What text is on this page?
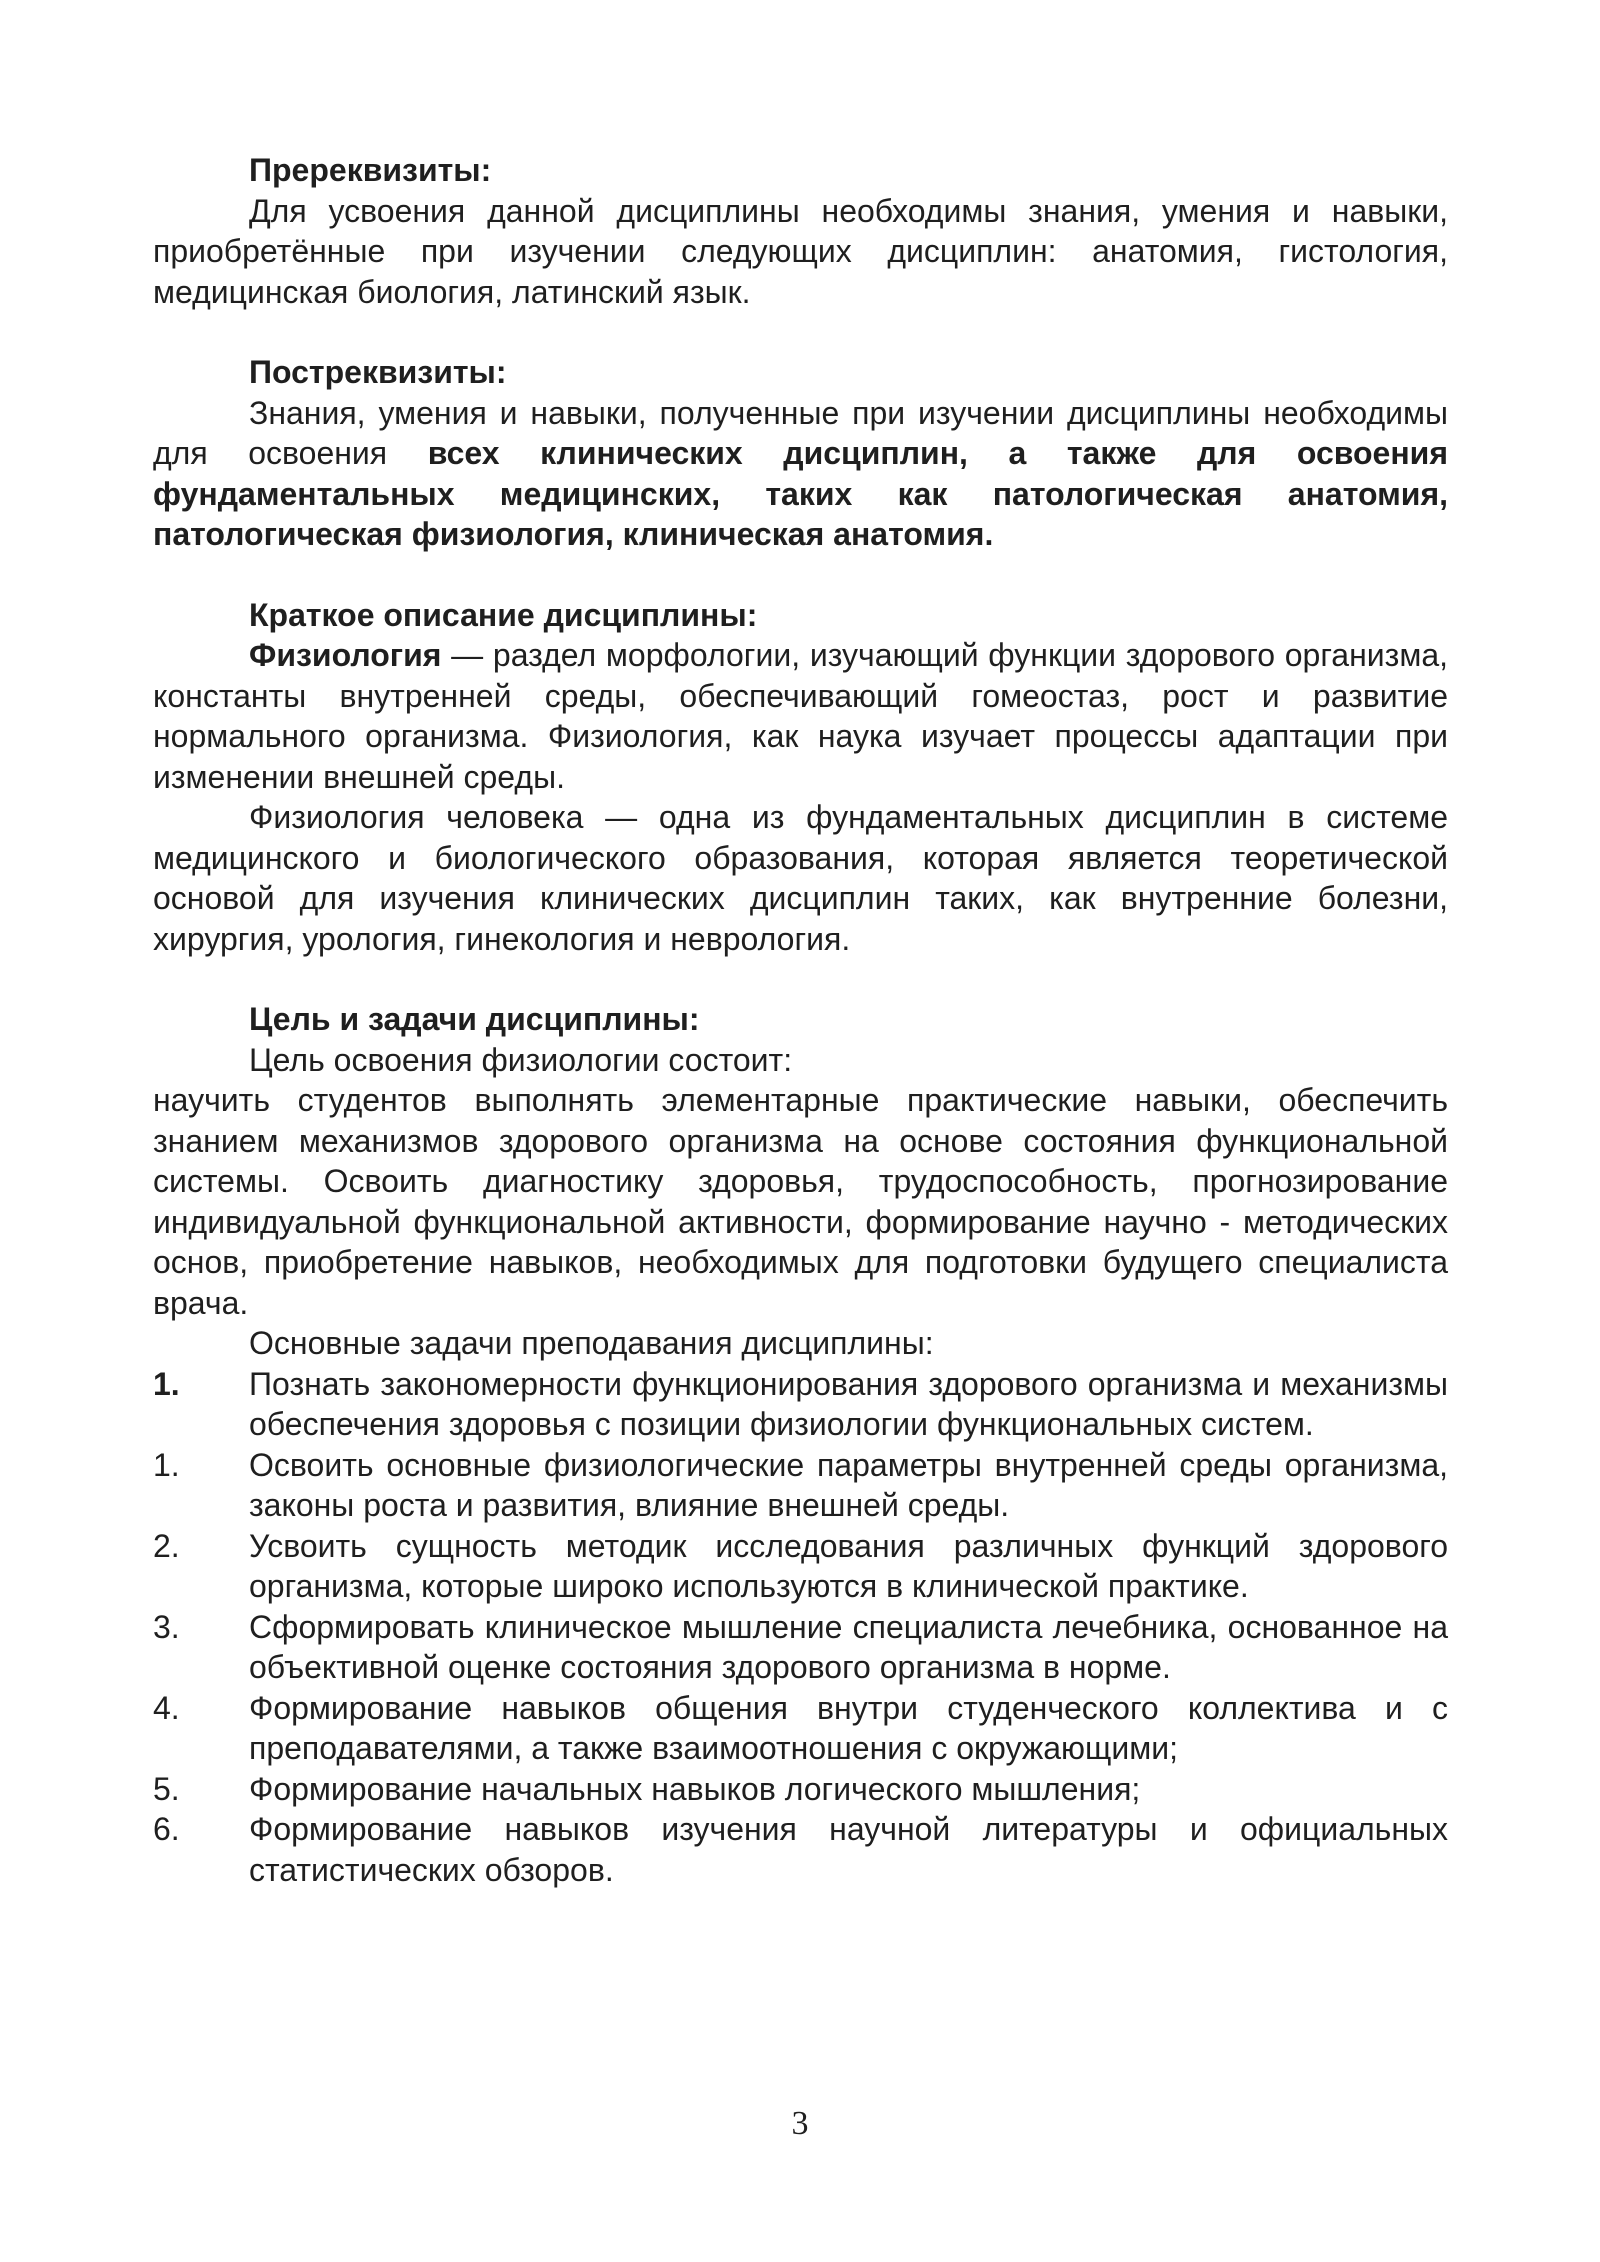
Пререквизиты:

Для усвоения данной дисциплины необходимы знания, умения и навыки, приобретённые при изучении следующих дисциплин: анатомия, гистология, медицинская биология, латинский язык.

Постреквизиты:

Знания, умения и навыки, полученные при изучении дисциплины необходимы для освоения всех клинических дисциплин, а также для освоения фундаментальных медицинских, таких как патологическая анатомия, патологическая физиология, клиническая анатомия.

Краткое описание дисциплины:

Физиология — раздел морфологии, изучающий функции здорового организма, константы внутренней среды, обеспечивающий гомеостаз, рост и развитие нормального организма. Физиология, как наука изучает процессы адаптации при изменении внешней среды.

Физиология человека — одна из фундаментальных дисциплин в системе медицинского и биологического образования, которая является теоретической основой для изучения клинических дисциплин таких, как внутренние болезни, хирургия, урология, гинекология и неврология.

Цель и задачи дисциплины:

Цель освоения физиологии состоит:

научить студентов выполнять элементарные практические навыки, обеспечить знанием механизмов здорового организма на основе состояния функциональной системы. Освоить диагностику здоровья, трудоспособность, прогнозирование индивидуальной функциональной активности, формирование научно - методических основ, приобретение навыков, необходимых для подготовки будущего специалиста врача.

Основные задачи преподавания дисциплины:

1. Познать закономерности функционирования здорового организма и механизмы обеспечения здоровья с позиции физиологии функциональных систем.
1. Освоить основные физиологические параметры внутренней среды организма, законы роста и развития, влияние внешней среды.
2. Усвоить сущность методик исследования различных функций здорового организма, которые широко используются в клинической практике.
3. Сформировать клиническое мышление специалиста лечебника, основанное на объективной оценке состояния здорового организма в норме.
4. Формирование навыков общения внутри студенческого коллектива и с преподавателями, а также взаимоотношения с окружающими;
5. Формирование начальных навыков логического мышления;
6. Формирование навыков изучения научной литературы и официальных статистических обзоров.
3
